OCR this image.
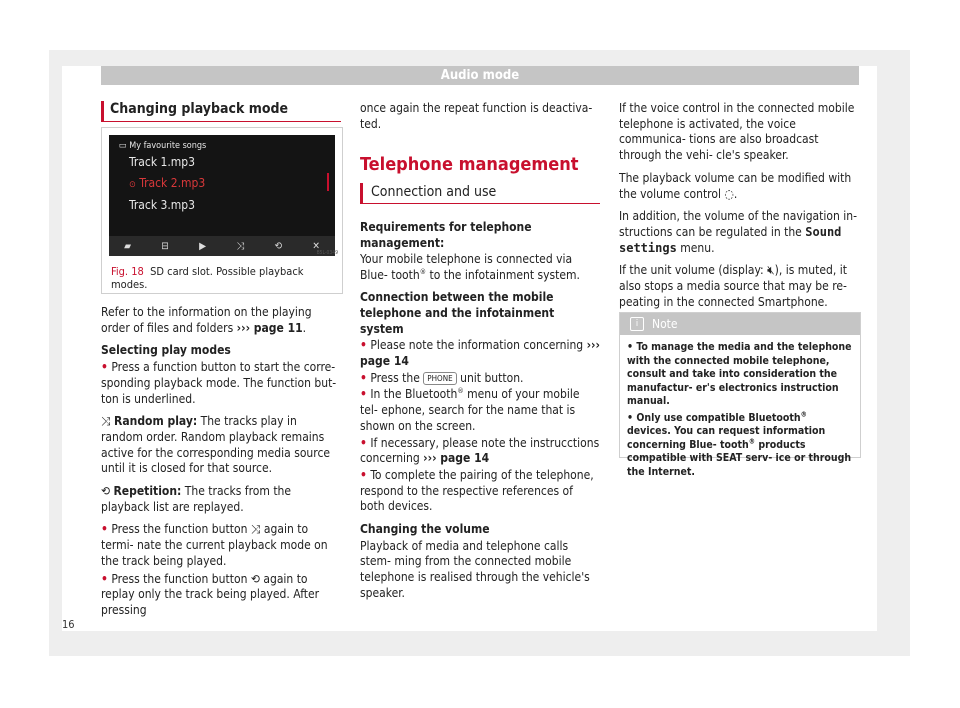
Audio mode
Changing playback mode
▭ My favourite songs
Track 1.mp3
⊙ Track 2.mp3
Track 3.mp3
▰	⊟	▶	⤨	⟲	✕
B5L-0349
Fig. 18 SD card slot. Possible playback modes.

Refer to the information on the playing order of files and folders ››› page 11.

Selecting play modes

• Press a function button to start the corre- sponding playback mode. The function but- ton is underlined.

⤨ Random play: The tracks play in random order. Random playback remains active for the corresponding media source until it is closed for that source.

⟲ Repetition: The tracks from the playback list are replayed.

• Press the function button ⤨ again to termi- nate the current playback mode on the track being played.

• Press the function button ⟲ again to replay only the track being played. After pressing

once again the repeat function is deactiva- ted.

Telephone management

Connection and use

Requirements for telephone management:
Your mobile telephone is connected via Blue- tooth® to the infotainment system.

Connection between the mobile telephone and the infotainment system

• Please note the information concerning ››› page 14

• Press the PHONE unit button.

• In the Bluetooth® menu of your mobile tel- ephone, search for the name that is shown on the screen.

• If necessary, please note the instrucctions concerning ››› page 14

• To complete the pairing of the telephone, respond to the respective references of both devices.

Changing the volume

Playback of media and telephone calls stem- ming from the connected mobile telephone is realised through the vehicle's speaker.

If the voice control in the connected mobile telephone is activated, the voice communica- tions are also broadcast through the vehi- cle's speaker.

The playback volume can be modified with the volume control ◌.

In addition, the volume of the navigation in- structions can be regulated in the Sound settings menu.

If the unit volume (display: 🔇︎), is muted, it also stops a media source that may be re- peating in the connected Smartphone.

i	Note

• To manage the media and the telephone with the connected mobile telephone, consult and take into consideration the manufactur- er's electronics instruction manual.

• Only use compatible Bluetooth® devices. You can request information concerning Blue- tooth® products compatible with SEAT serv- ice or through the Internet.

16
